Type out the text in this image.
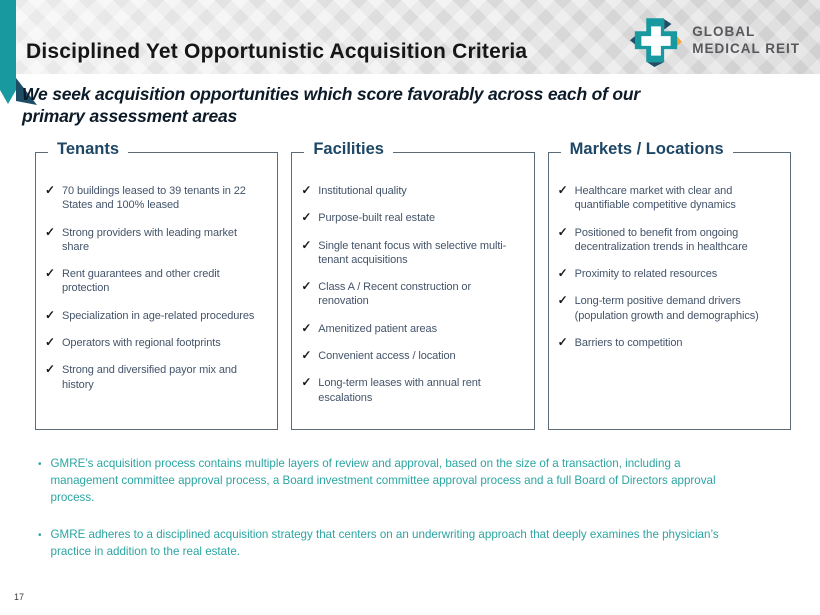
Disciplined Yet Opportunistic Acquisition Criteria
GLOBAL
MEDICAL REIT
We seek acquisition opportunities which score favorably across each of our
primary assessment areas
Tenants
✓ 70 buildings leased to 39 tenants in 22 States and 100% leased
✓ Strong providers with leading market share
✓ Rent guarantees and other credit protection
✓ Specialization in age-related procedures
✓ Operators with regional footprints
✓ Strong and diversified payor mix and history
Facilities
✓ Institutional quality
✓ Purpose-built real estate
✓ Single tenant focus with selective multi-tenant acquisitions
✓ Class A / Recent construction or renovation
✓ Amenitized patient areas
✓ Convenient access / location
✓ Long-term leases with annual rent escalations
Markets / Locations
✓ Healthcare market with clear and quantifiable competitive dynamics
✓ Positioned to benefit from ongoing decentralization trends in healthcare
✓ Proximity to related resources
✓ Long-term positive demand drivers (population growth and demographics)
✓ Barriers to competition
• GMRE’s acquisition process contains multiple layers of review and approval, based on the size of a transaction, including a management committee approval process, a Board investment committee approval process and a full Board of Directors approval process.
• GMRE adheres to a disciplined acquisition strategy that centers on an underwriting approach that deeply examines the physician’s practice in addition to the real estate.
17
